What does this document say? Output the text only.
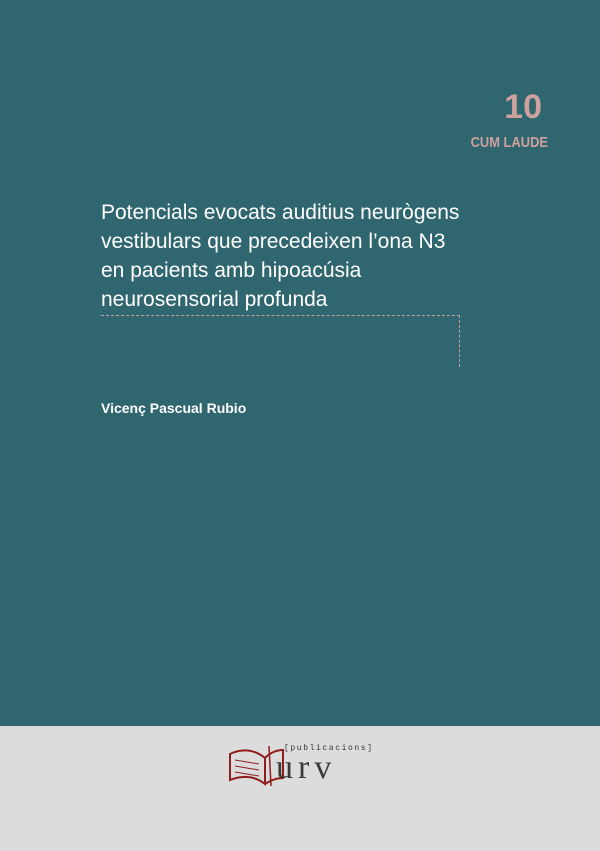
10
CUM LAUDE
Potencials evocats auditius neurògens
vestibulars que precedeixen l’ona N3
en pacients amb hipoacúsia
neurosensorial profunda
Vicenç Pascual Rubio
[publicacions]
urv
